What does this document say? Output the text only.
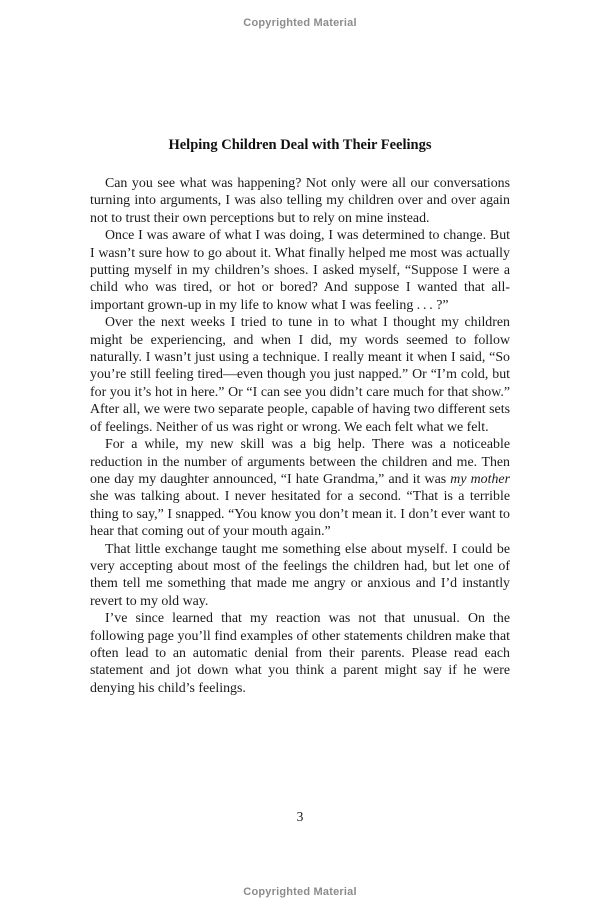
Copyrighted Material
Helping Children Deal with Their Feelings

Can you see what was happening? Not only were all our conversations turning into arguments, I was also telling my children over and over again not to trust their own perceptions but to rely on mine instead.

Once I was aware of what I was doing, I was determined to change. But I wasn’t sure how to go about it. What finally helped me most was actually putting myself in my children’s shoes. I asked myself, “Suppose I were a child who was tired, or hot or bored? And suppose I wanted that all-important grown-up in my life to know what I was feeling . . . ?”

Over the next weeks I tried to tune in to what I thought my children might be experiencing, and when I did, my words seemed to follow naturally. I wasn’t just using a technique. I really meant it when I said, “So you’re still feeling tired—even though you just napped.” Or “I’m cold, but for you it’s hot in here.” Or “I can see you didn’t care much for that show.” After all, we were two separate people, capable of having two different sets of feelings. Neither of us was right or wrong. We each felt what we felt.

For a while, my new skill was a big help. There was a noticeable reduction in the number of arguments between the children and me. Then one day my daughter announced, “I hate Grandma,” and it was my mother she was talking about. I never hesitated for a second. “That is a terrible thing to say,” I snapped. “You know you don’t mean it. I don’t ever want to hear that coming out of your mouth again.”

That little exchange taught me something else about myself. I could be very accepting about most of the feelings the children had, but let one of them tell me something that made me angry or anxious and I’d instantly revert to my old way.

I’ve since learned that my reaction was not that unusual. On the following page you’ll find examples of other statements children make that often lead to an automatic denial from their parents. Please read each statement and jot down what you think a parent might say if he were denying his child’s feelings.

3
Copyrighted Material
